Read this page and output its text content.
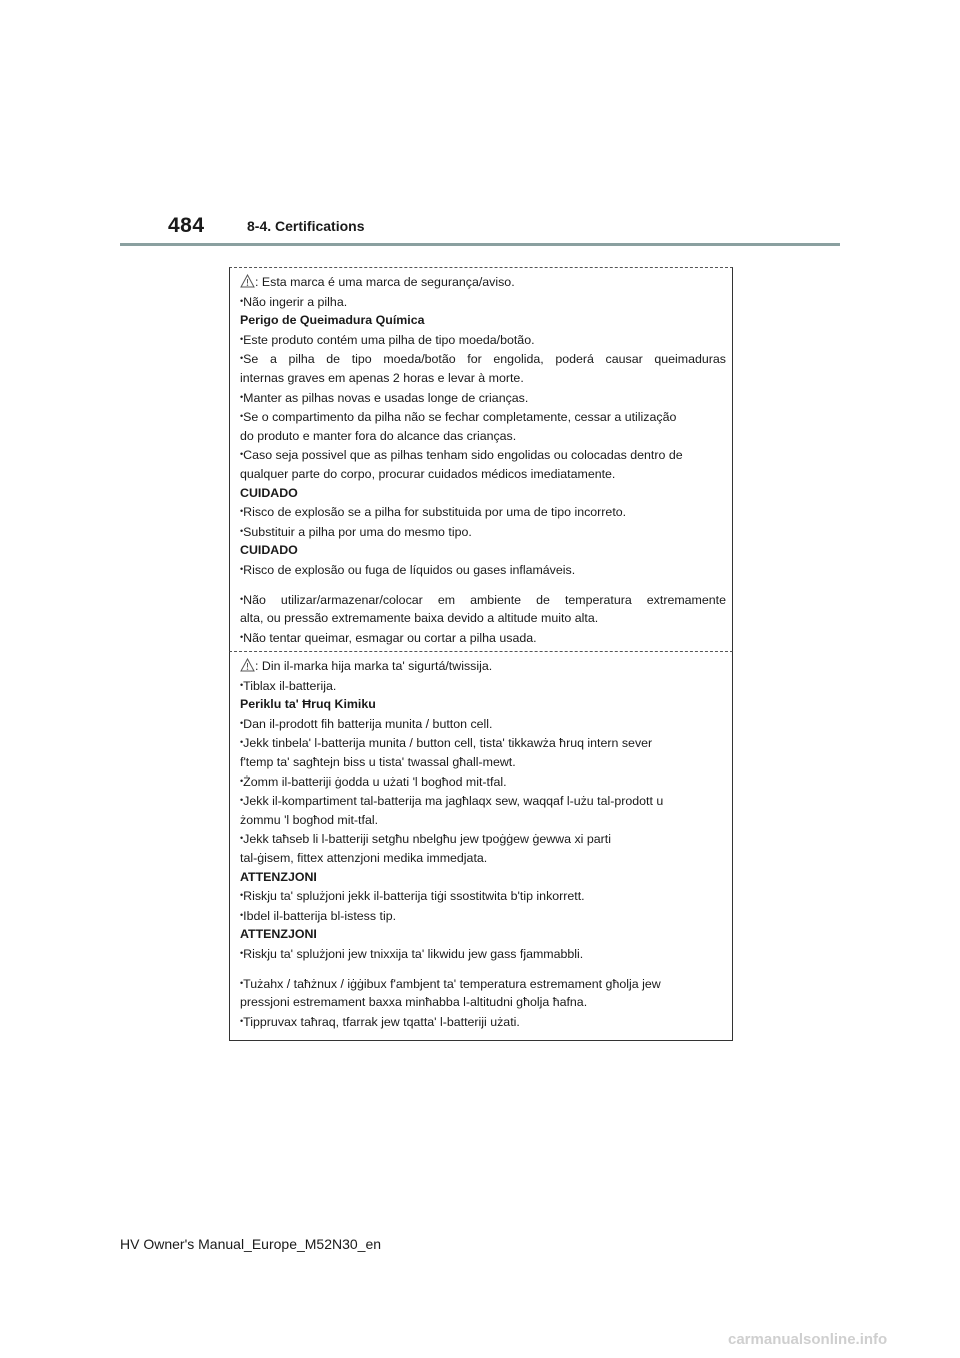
484	8-4. Certifications
: Esta marca é uma marca de segurança/aviso.
•Não ingerir a pilha.
Perigo de Queimadura Química
•Este produto contém uma pilha de tipo moeda/botão.
•Se a pilha de tipo moeda/botão for engolida, poderá causar queimaduras
internas graves em apenas 2 horas e levar à morte.
•Manter as pilhas novas e usadas longe de crianças.
•Se o compartimento da pilha não se fechar completamente, cessar a utilização
do produto e manter fora do alcance das crianças.
•Caso seja possivel que as pilhas tenham sido engolidas ou colocadas dentro de
qualquer parte do corpo, procurar cuidados médicos imediatamente.
CUIDADO
•Risco de explosão se a pilha for substituida por uma de tipo incorreto.
•Substituir a pilha por uma do mesmo tipo.
CUIDADO
•Risco de explosão ou fuga de líquidos ou gases inflamáveis.
•Não utilizar/armazenar/colocar em ambiente de temperatura extremamente
alta, ou pressão extremamente baixa devido a altitude muito alta.
•Não tentar queimar, esmagar ou cortar a pilha usada.
: Din il-marka hija marka ta' sigurtá/twissija.
•Tiblax il-batterija.
Periklu ta' Ħruq Kimiku
•Dan il-prodott fih batterija munita / button cell.
•Jekk tinbela' l-batterija munita / button cell, tista' tikkawża ħruq intern sever
f'temp ta' sagħtejn biss u tista' twassal għall-mewt.
•Żomm il-batteriji ġodda u użati 'l bogħod mit-tfal.
•Jekk il-kompartiment tal-batterija ma jagħlaqx sew, waqqaf l-użu tal-prodott u
żommu 'l bogħod mit-tfal.
•Jekk taħseb li l-batteriji setgħu nbelgħu jew tpoġġew ġewwa xi parti
tal-ġisem, fittex attenzjoni medika immedjata.
ATTENZJONI
•Riskju ta' splużjoni jekk il-batterija tiġi ssostitwita b'tip inkorrett.
•Ibdel il-batterija bl-istess tip.
ATTENZJONI
•Riskju ta' splużjoni jew tnixxija ta' likwidu jew gass fjammabbli.
•Tużahx / taħżnux / iġġibux f'ambjent ta' temperatura estremament għolja jew
pressjoni estremament baxxa minħabba l-altitudni għolja ħafna.
•Tippruvax taħraq, tfarrak jew tqatta' l-batteriji użati.
HV Owner's Manual_Europe_M52N30_en
carmanualsonline.info
